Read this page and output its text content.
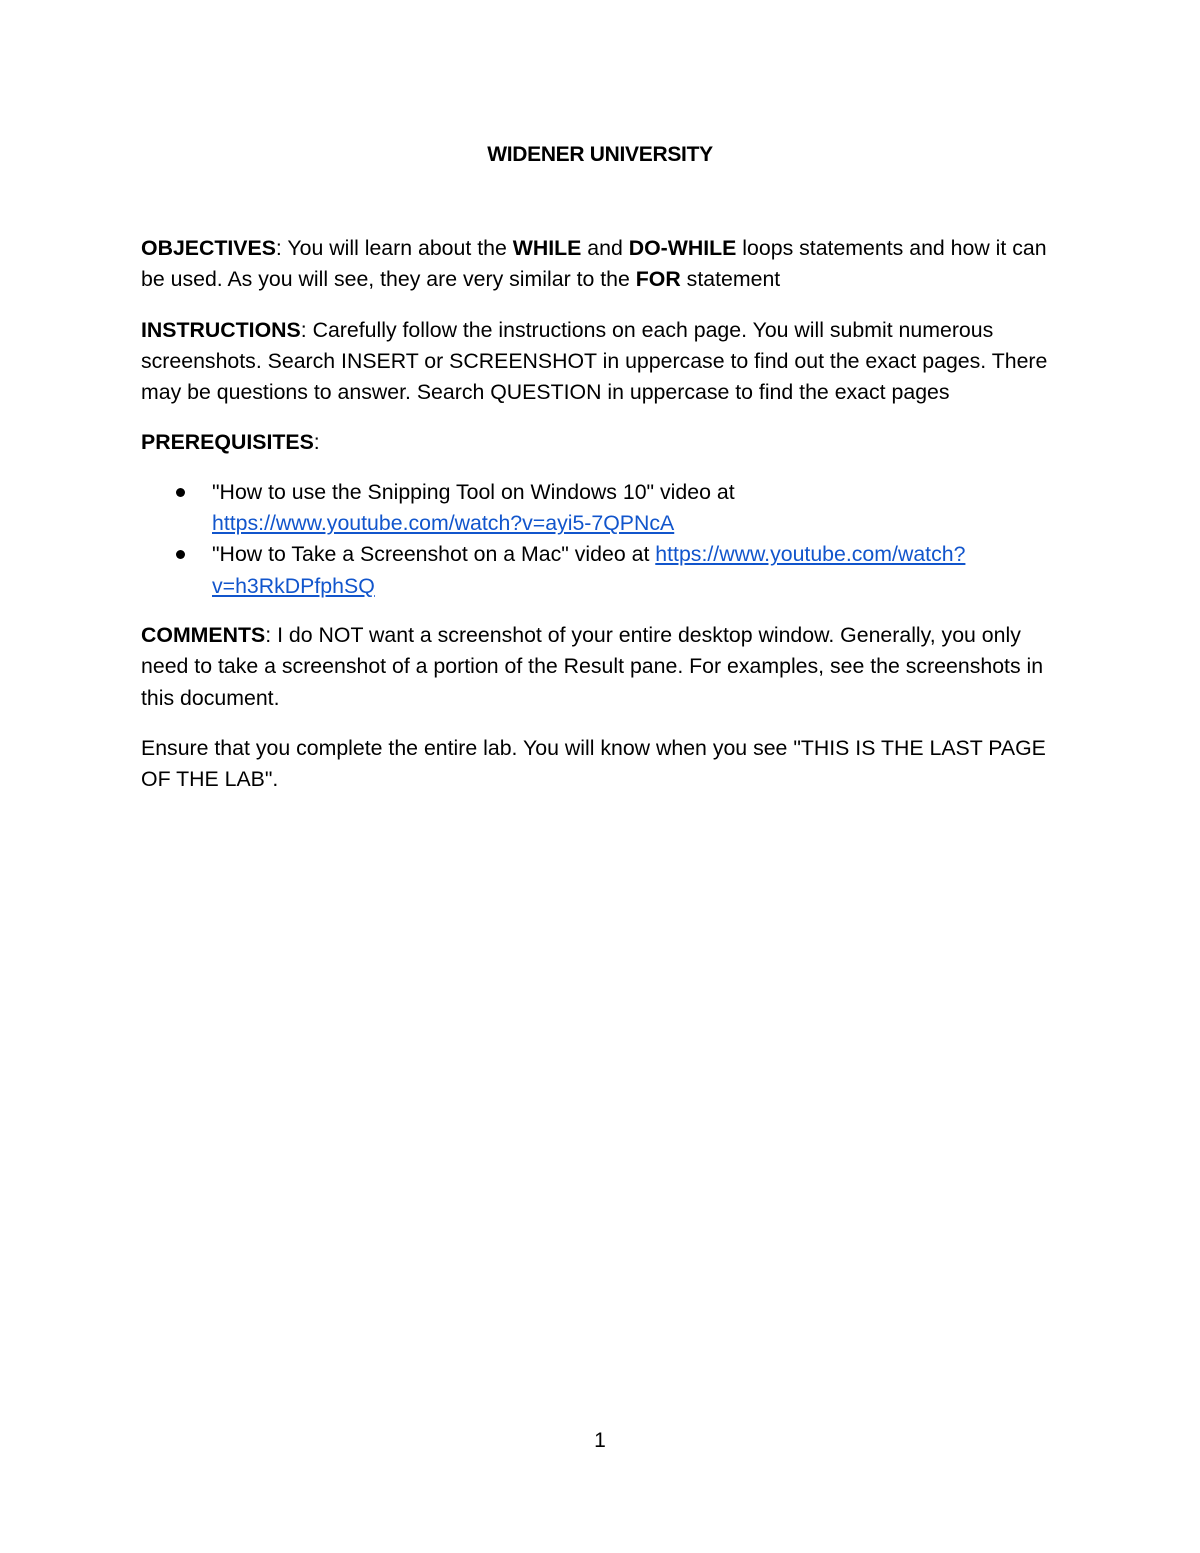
WIDENER UNIVERSITY

OBJECTIVES: You will learn about the WHILE and DO-WHILE loops statements and how it can be used. As you will see, they are very similar to the FOR statement

INSTRUCTIONS: Carefully follow the instructions on each page. You will submit numerous screenshots. Search INSERT or SCREENSHOT in uppercase to find out the exact pages. There may be questions to answer. Search QUESTION in uppercase to find the exact pages

PREREQUISITES:

"How to use the Snipping Tool on Windows 10" video at
https://www.youtube.com/watch?v=ayi5-7QPNcA
"How to Take a Screenshot on a Mac" video at https://www.youtube.com/watch?v=h3RkDPfphSQ

COMMENTS: I do NOT want a screenshot of your entire desktop window. Generally, you only need to take a screenshot of a portion of the Result pane. For examples, see the screenshots in this document.

Ensure that you complete the entire lab. You will know when you see "THIS IS THE LAST PAGE OF THE LAB".

1
